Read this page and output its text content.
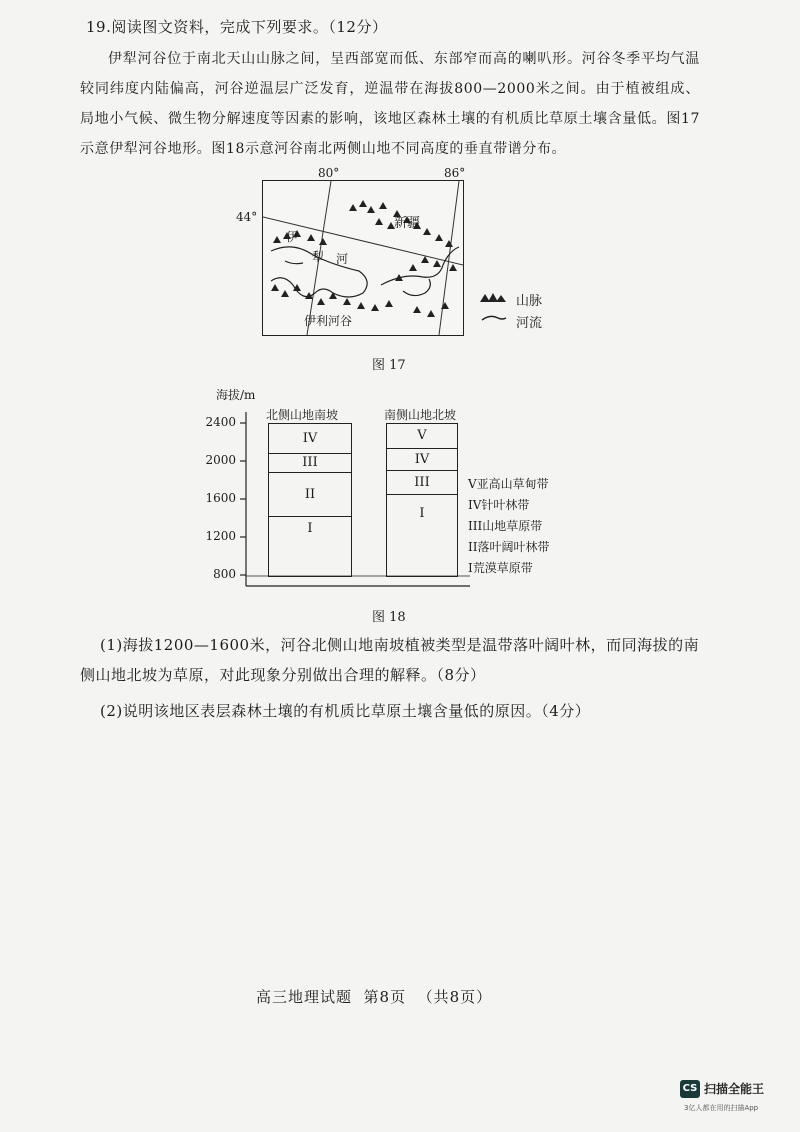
19.阅读图文资料，完成下列要求。（12分）
伊犁河谷位于南北天山山脉之间，呈西部宽而低、东部窄而高的喇叭形。河谷冬季平均气温较同纬度内陆偏高，河谷逆温层广泛发育，逆温带在海拔800—2000米之间。由于植被组成、局地小气候、微生物分解速度等因素的影响，该地区森林土壤的有机质比草原土壤含量低。图17示意伊犁河谷地形。图18示意河谷南北两侧山地不同高度的垂直带谱分布。
80°	86°
44°	新疆
伊
犁 河
伊利河谷
山脉
河流
图 17
海拔/m
2400
2000
1600
1200
800
北侧山地南坡	南侧山地北坡
IV
III
II
I
V
IV
III
I
V亚高山草甸带
IV针叶林带
III山地草原带
II落叶阔叶林带
I荒漠草原带
图 18
(1)海拔1200—1600米，河谷北侧山地南坡植被类型是温带落叶阔叶林，而同海拔的南侧山地北坡为草原，对此现象分别做出合理的解释。（8分）
(2)说明该地区表层森林土壤的有机质比草原土壤含量低的原因。（4分）
高三地理试题  第8页  （共8页）
CS 扫描全能王
3亿人都在用的扫描App
